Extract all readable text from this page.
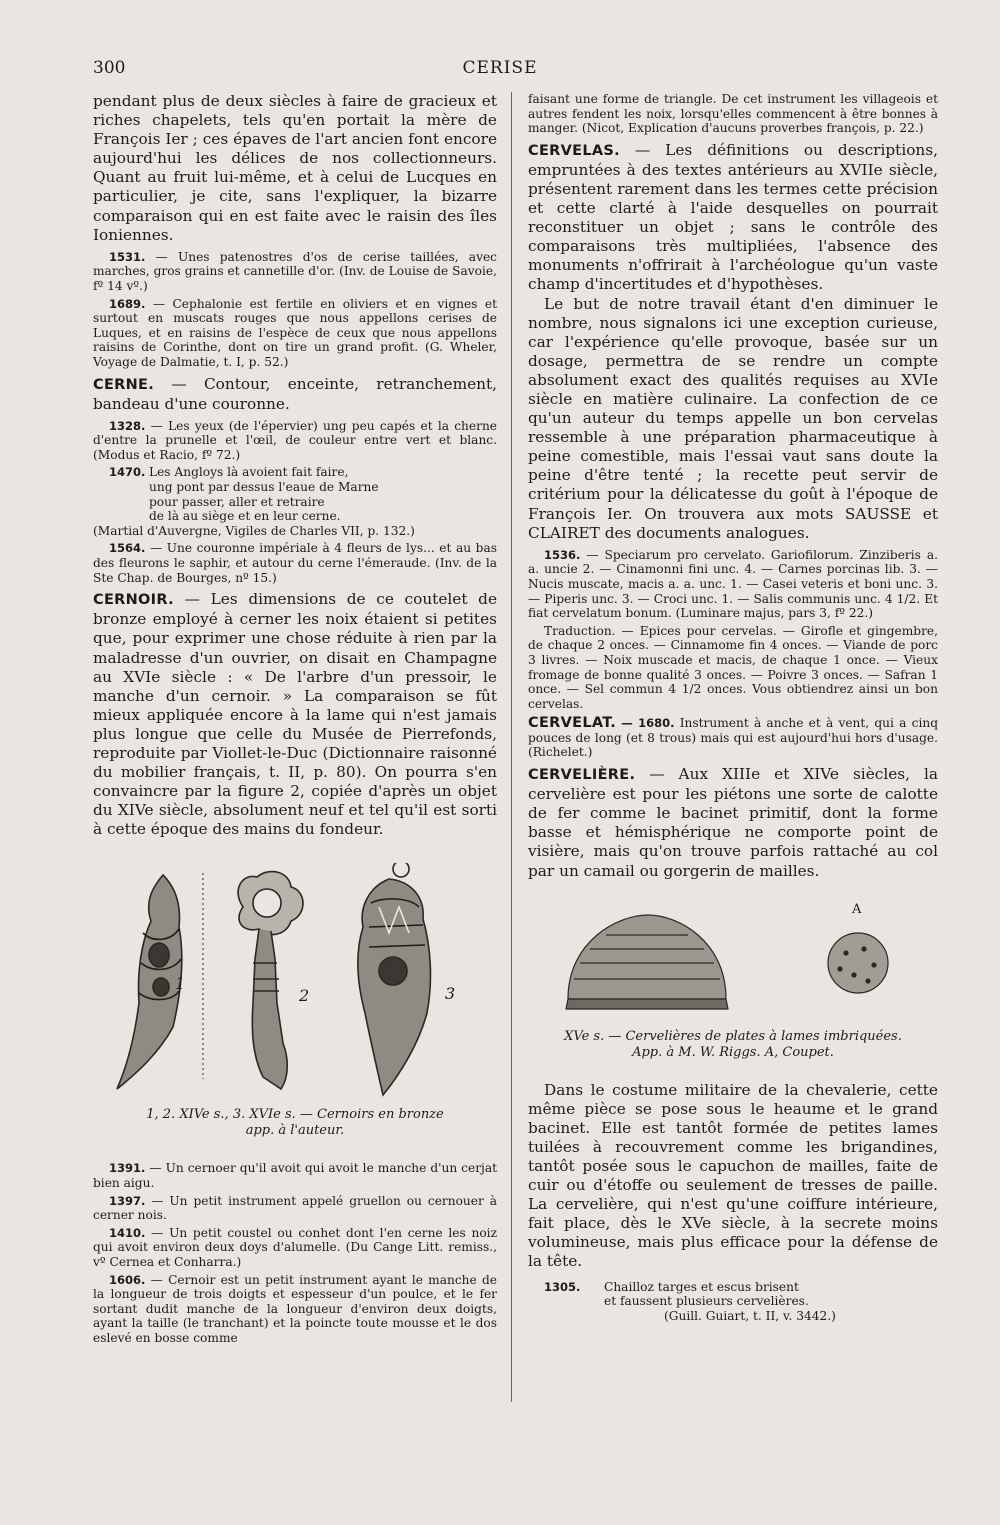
300	CERISE

pendant plus de deux siècles à faire de gracieux et riches chapelets, tels qu'en portait la mère de François Ier ; ces épaves de l'art ancien font encore aujourd'hui les délices de nos collectionneurs. Quant au fruit lui-même, et à celui de Lucques en particulier, je cite, sans l'expliquer, la bizarre comparaison qui en est faite avec le raisin des îles Ioniennes.

1531. — Unes patenostres d'os de cerise taillées, avec marches, gros grains et cannetille d'or. (Inv. de Louise de Savoie, fº 14 vº.)

1689. — Cephalonie est fertile en oliviers et en vignes et surtout en muscats rouges que nous appellons cerises de Luques, et en raisins de l'espèce de ceux que nous appellons raisins de Corinthe, dont on tire un grand profit. (G. Wheler, Voyage de Dalmatie, t. I, p. 52.)

CERNE. — Contour, enceinte, retranchement, bandeau d'une couronne.

1328. — Les yeux (de l'épervier) ung peu capés et la cherne d'entre la prunelle et l'œil, de couleur entre vert et blanc. (Modus et Racio, fº 72.)

1470. Les Angloys là avoient fait faire,
ung pont par dessus l'eaue de Marne
pour passer, aller et retraire
de là au siège et en leur cerne.

(Martial d'Auvergne, Vigiles de Charles VII, p. 132.)

1564. — Une couronne impériale à 4 fleurs de lys... et au bas des fleurons le saphir, et autour du cerne l'émeraude. (Inv. de la Ste Chap. de Bourges, nº 15.)

CERNOIR. — Les dimensions de ce coutelet de bronze employé à cerner les noix étaient si petites que, pour exprimer une chose réduite à rien par la maladresse d'un ouvrier, on disait en Champagne au XVIe siècle : « De l'arbre d'un pressoir, le manche d'un cernoir. » La comparaison se fût mieux appliquée encore à la lame qui n'est jamais plus longue que celle du Musée de Pierrefonds, reproduite par Viollet-le-Duc (Dictionnaire raisonné du mobilier français, t. II, p. 80). On pourra s'en convaincre par la figure 2, copiée d'après un objet du XIVe siècle, absolument neuf et tel qu'il est sorti à cette époque des mains du fondeur.

1
2	3

1, 2. XIVe s., 3. XVIe s. — Cernoirs en bronze
app. à l'auteur.

1391. — Un cernoer qu'il avoit qui avoit le manche d'un cerjat bien aigu.

1397. — Un petit instrument appelé gruellon ou cernouer à cerner nois.

1410. — Un petit coustel ou conhet dont l'en cerne les noiz qui avoit environ deux doys d'alumelle. (Du Cange Litt. remiss., vº Cernea et Conharra.)

1606. — Cernoir est un petit instrument ayant le manche de la longueur de trois doigts et espesseur d'un poulce, et le fer sortant dudit manche de la longueur d'environ deux doigts, ayant la taille (le tranchant) et la poincte toute mousse et le dos eslevé en bosse comme

faisant une forme de triangle. De cet instrument les villageois et autres fendent les noix, lorsqu'elles commencent à être bonnes à manger. (Nicot, Explication d'aucuns proverbes françois, p. 22.)

CERVELAS. — Les définitions ou descriptions, empruntées à des textes antérieurs au XVIIe siècle, présentent rarement dans les termes cette précision et cette clarté à l'aide desquelles on pourrait reconstituer un objet ; sans le contrôle des comparaisons très multipliées, l'absence des monuments n'offrirait à l'archéologue qu'un vaste champ d'incertitudes et d'hypothèses.

Le but de notre travail étant d'en diminuer le nombre, nous signalons ici une exception curieuse, car l'expérience qu'elle provoque, basée sur un dosage, permettra de se rendre un compte absolument exact des qualités requises au XVIe siècle en matière culinaire. La confection de ce qu'un auteur du temps appelle un bon cervelas ressemble à une préparation pharmaceutique à peine comestible, mais l'essai vaut sans doute la peine d'être tenté ; la recette peut servir de critérium pour la délicatesse du goût à l'époque de François Ier. On trouvera aux mots SAUSSE et CLAIRET des documents analogues.

1536. — Speciarum pro cervelato. Gariofilorum. Zinziberis a. a. uncie 2. — Cinamonni fini unc. 4. — Carnes porcinas lib. 3. — Nucis muscate, macis a. a. unc. 1. — Casei veteris et boni unc. 3. — Piperis unc. 3. — Croci unc. 1. — Salis communis unc. 4 1/2. Et fiat cervelatum bonum. (Luminare majus, pars 3, fº 22.)

Traduction. — Epices pour cervelas. — Girofle et gingembre, de chaque 2 onces. — Cinnamome fin 4 onces. — Viande de porc 3 livres. — Noix muscade et macis, de chaque 1 once. — Vieux fromage de bonne qualité 3 onces. — Poivre 3 onces. — Safran 1 once. — Sel commun 4 1/2 onces. Vous obtiendrez ainsi un bon cervelas.

CERVELAT. — 1680. Instrument à anche et à vent, qui a cinq pouces de long (et 8 trous) mais qui est aujourd'hui hors d'usage. (Richelet.)

CERVELIÈRE. — Aux XIIIe et XIVe siècles, la cervelière est pour les piétons une sorte de calotte de fer comme le bacinet primitif, dont la forme basse et hémisphérique ne comporte point de visière, mais qu'on trouve parfois rattaché au col par un camail ou gorgerin de mailles.

A

XVe s. — Cervelières de plates à lames imbriquées.
App. à M. W. Riggs. A, Coupet.

Dans le costume militaire de la chevalerie, cette même pièce se pose sous le heaume et le grand bacinet. Elle est tantôt formée de petites lames tuilées à recouvrement comme les brigandines, tantôt posée sous le capuchon de mailles, faite de cuir ou d'étoffe ou seulement de tresses de paille. La cervelière, qui n'est qu'une coiffure intérieure, fait place, dès le XVe siècle, à la secrete moins volumineuse, mais plus efficace pour la défense de la tête.

1305.	Chailloz targes et escus brisent
et faussent plusieurs cervelières.
(Guill. Guiart, t. II, v. 3442.)
